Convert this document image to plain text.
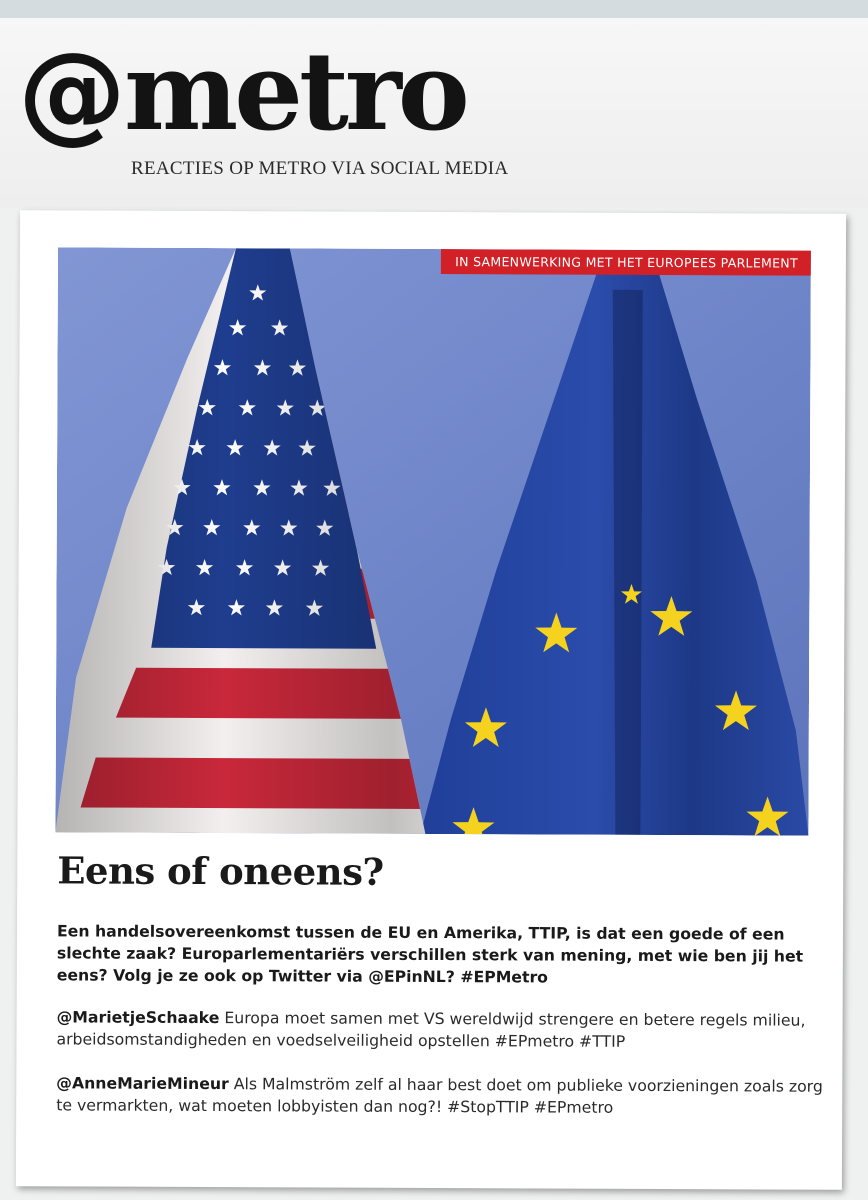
@metro
REACTIES OP METRO VIA SOCIAL MEDIA
IN SAMENWERKING MET HET EUROPEES PARLEMENT
Eens of oneens?

Een handelsovereenkomst tussen de EU en Amerika, TTIP, is dat een goede of een slechte zaak? Europarlementariërs verschillen sterk van mening, met wie ben jij het eens? Volg je ze ook op Twitter via @EPinNL? #EPMetro

@MarietjeSchaake Europa moet samen met VS wereldwijd strengere en betere regels milieu, arbeidsomstandigheden en voedselveiligheid opstellen #EPmetro #TTIP

@AnneMarieMineur Als Malmström zelf al haar best doet om publieke voorzieningen zoals zorg te vermarkten, wat moeten lobbyisten dan nog?! #StopTTIP #EPmetro
